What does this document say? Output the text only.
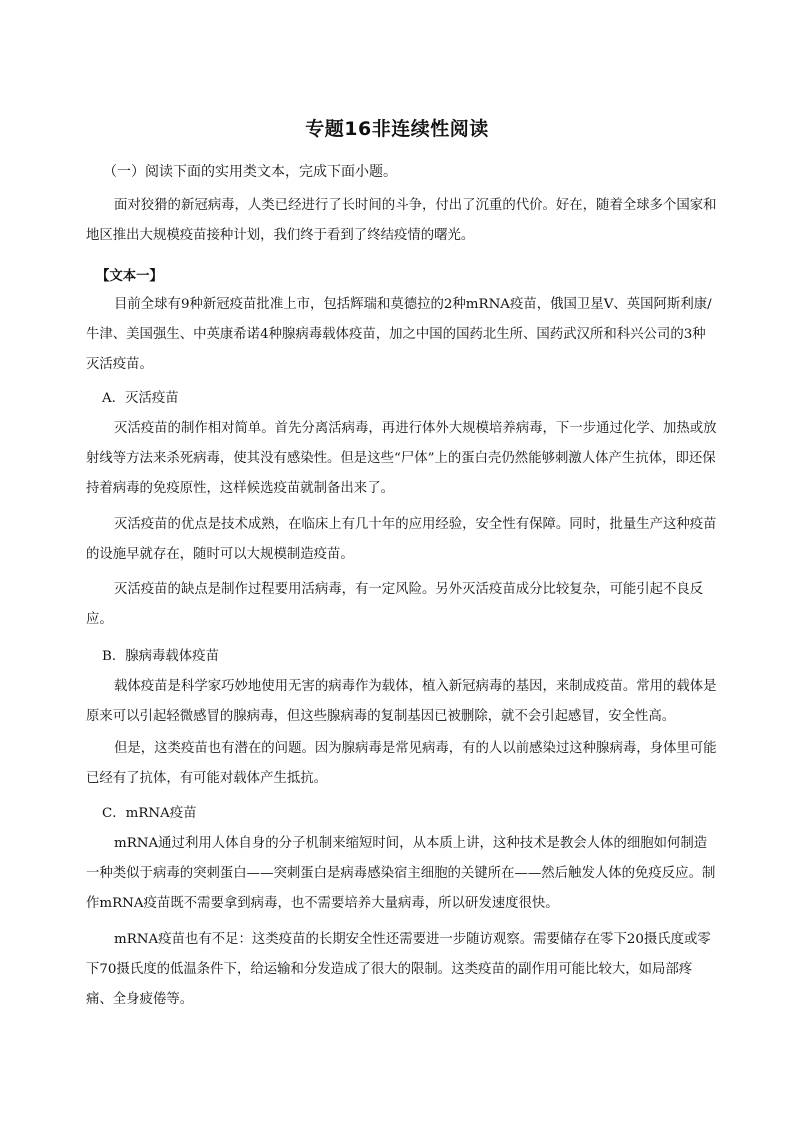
专题16非连续性阅读
（一）阅读下面的实用类文本，完成下面小题。

面对狡猾的新冠病毒，人类已经进行了长时间的斗争，付出了沉重的代价。好在，随着全球多个国家和地区推出大规模疫苗接种计划，我们终于看到了终结疫情的曙光。

【文本一】

目前全球有9种新冠疫苗批准上市，包括辉瑞和莫德拉的2种mRNA疫苗，俄国卫星V、英国阿斯利康/牛津、美国强生、中英康希诺4种腺病毒载体疫苗，加之中国的国药北生所、国药武汉所和科兴公司的3种灭活疫苗。

A．灭活疫苗

灭活疫苗的制作相对简单。首先分离活病毒，再进行体外大规模培养病毒，下一步通过化学、加热或放射线等方法来杀死病毒，使其没有感染性。但是这些“尸体”上的蛋白壳仍然能够刺激人体产生抗体，即还保持着病毒的免疫原性，这样候选疫苗就制备出来了。

灭活疫苗的优点是技术成熟，在临床上有几十年的应用经验，安全性有保障。同时，批量生产这种疫苗的设施早就存在，随时可以大规模制造疫苗。

灭活疫苗的缺点是制作过程要用活病毒，有一定风险。另外灭活疫苗成分比较复杂，可能引起不良反应。

B．腺病毒载体疫苗

载体疫苗是科学家巧妙地使用无害的病毒作为载体，植入新冠病毒的基因，来制成疫苗。常用的载体是原来可以引起轻微感冒的腺病毒，但这些腺病毒的复制基因已被删除，就不会引起感冒，安全性高。

但是，这类疫苗也有潜在的问题。因为腺病毒是常见病毒，有的人以前感染过这种腺病毒，身体里可能已经有了抗体，有可能对载体产生抵抗。

C．mRNA疫苗

mRNA通过利用人体自身的分子机制来缩短时间，从本质上讲，这种技术是教会人体的细胞如何制造一种类似于病毒的突刺蛋白——突刺蛋白是病毒感染宿主细胞的关键所在——然后触发人体的免疫反应。制作mRNA疫苗既不需要拿到病毒，也不需要培养大量病毒，所以研发速度很快。

mRNA疫苗也有不足：这类疫苗的长期安全性还需要进一步随访观察。需要储存在零下20摄氏度或零下70摄氏度的低温条件下，给运输和分发造成了很大的限制。这类疫苗的副作用可能比较大，如局部疼痛、全身疲倦等。
